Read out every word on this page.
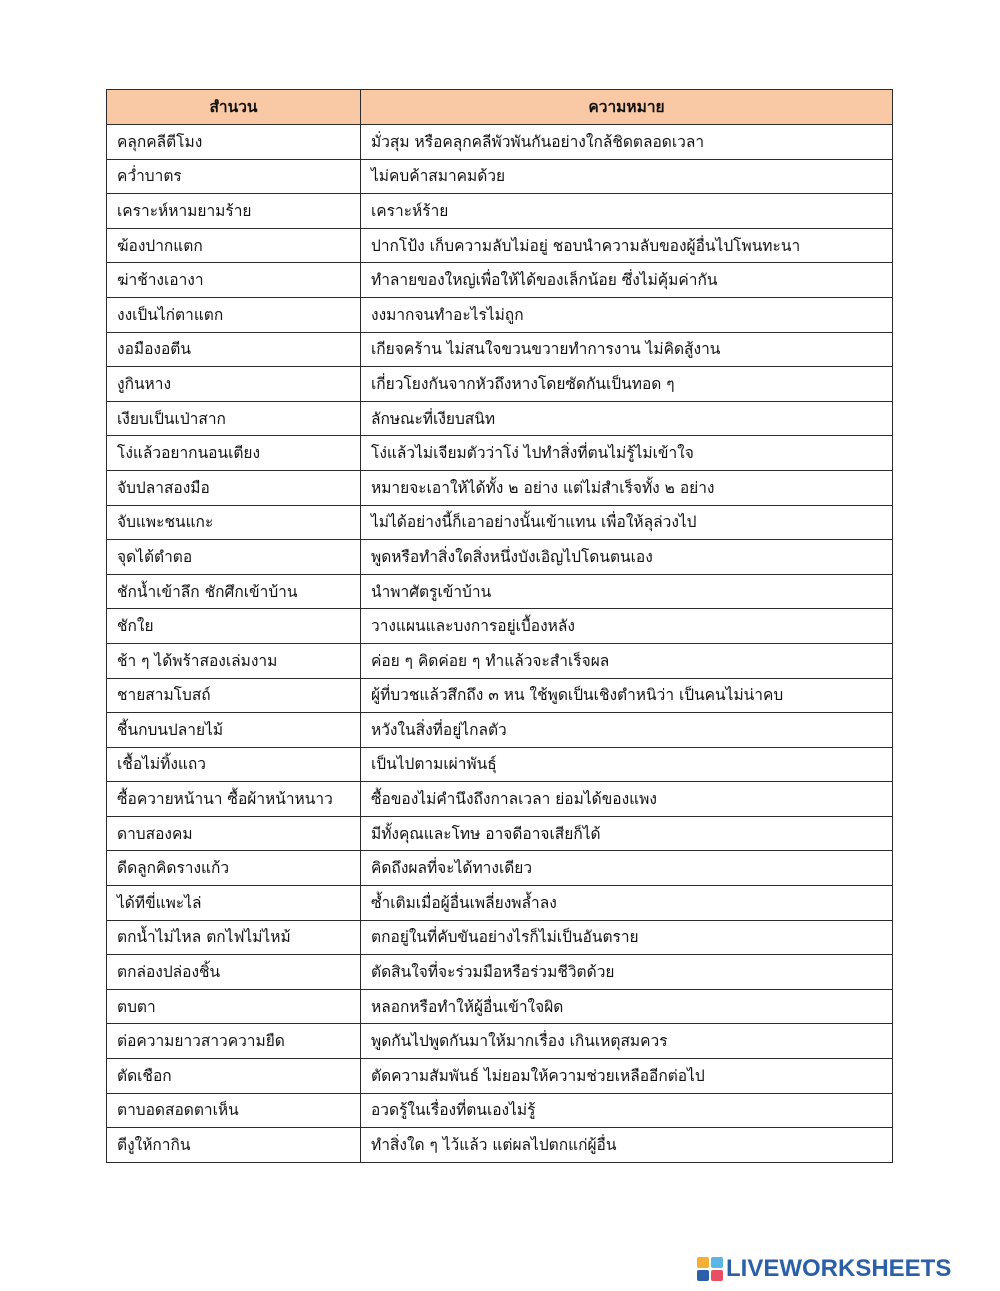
สำนวน	ความหมาย
คลุกคลีตีโมง	มั่วสุม หรือคลุกคลีพัวพันกันอย่างใกล้ชิดตลอดเวลา
คว่ำบาตร	ไม่คบค้าสมาคมด้วย
เคราะห์หามยามร้าย	เคราะห์ร้าย
ฆ้องปากแตก	ปากโป้ง เก็บความลับไม่อยู่ ชอบนำความลับของผู้อื่นไปโพนทะนา
ฆ่าช้างเอางา	ทำลายของใหญ่เพื่อให้ได้ของเล็กน้อย ซึ่งไม่คุ้มค่ากัน
งงเป็นไก่ตาแตก	งงมากจนทำอะไรไม่ถูก
งอมืองอตีน	เกียจคร้าน ไม่สนใจขวนขวายทำการงาน ไม่คิดสู้งาน
งูกินหาง	เกี่ยวโยงกันจากหัวถึงหางโดยซัดกันเป็นทอด ๆ
เงียบเป็นเป่าสาก	ลักษณะที่เงียบสนิท
โง่แล้วอยากนอนเตียง	โง่แล้วไม่เจียมตัวว่าโง่ ไปทำสิ่งที่ตนไม่รู้ไม่เข้าใจ
จับปลาสองมือ	หมายจะเอาให้ได้ทั้ง ๒ อย่าง แต่ไม่สำเร็จทั้ง ๒ อย่าง
จับแพะชนแกะ	ไม่ได้อย่างนี้ก็เอาอย่างนั้นเข้าแทน เพื่อให้ลุล่วงไป
จุดไต้ตำตอ	พูดหรือทำสิ่งใดสิ่งหนึ่งบังเอิญไปโดนตนเอง
ชักน้ำเข้าลึก ชักศึกเข้าบ้าน	นำพาศัตรูเข้าบ้าน
ชักใย	วางแผนและบงการอยู่เบื้องหลัง
ช้า ๆ ได้พร้าสองเล่มงาม	ค่อย ๆ คิดค่อย ๆ ทำแล้วจะสำเร็จผล
ชายสามโบสถ์	ผู้ที่บวชแล้วสึกถึง ๓ หน ใช้พูดเป็นเชิงตำหนิว่า เป็นคนไม่น่าคบ
ชี้นกบนปลายไม้	หวังในสิ่งที่อยู่ไกลตัว
เชื้อไม่ทิ้งแถว	เป็นไปตามเผ่าพันธุ์
ซื้อควายหน้านา ซื้อผ้าหน้าหนาว	ซื้อของไม่คำนึงถึงกาลเวลา ย่อมได้ของแพง
ดาบสองคม	มีทั้งคุณและโทษ อาจดีอาจเสียก็ได้
ดีดลูกคิดรางแก้ว	คิดถึงผลที่จะได้ทางเดียว
ได้ทีขี่แพะไล่	ซ้ำเติมเมื่อผู้อื่นเพลี่ยงพล้ำลง
ตกน้ำไม่ไหล ตกไฟไม่ไหม้	ตกอยู่ในที่คับขันอย่างไรก็ไม่เป็นอันตราย
ตกล่องปล่องชิ้น	ตัดสินใจที่จะร่วมมือหรือร่วมชีวิตด้วย
ตบตา	หลอกหรือทำให้ผู้อื่นเข้าใจผิด
ต่อความยาวสาวความยืด	พูดกันไปพูดกันมาให้มากเรื่อง เกินเหตุสมควร
ตัดเชือก	ตัดความสัมพันธ์ ไม่ยอมให้ความช่วยเหลืออีกต่อไป
ตาบอดสอดตาเห็น	อวดรู้ในเรื่องที่ตนเองไม่รู้
ตีงูให้กากิน	ทำสิ่งใด ๆ ไว้แล้ว แต่ผลไปตกแก่ผู้อื่น
LIVEWORKSHEETS
